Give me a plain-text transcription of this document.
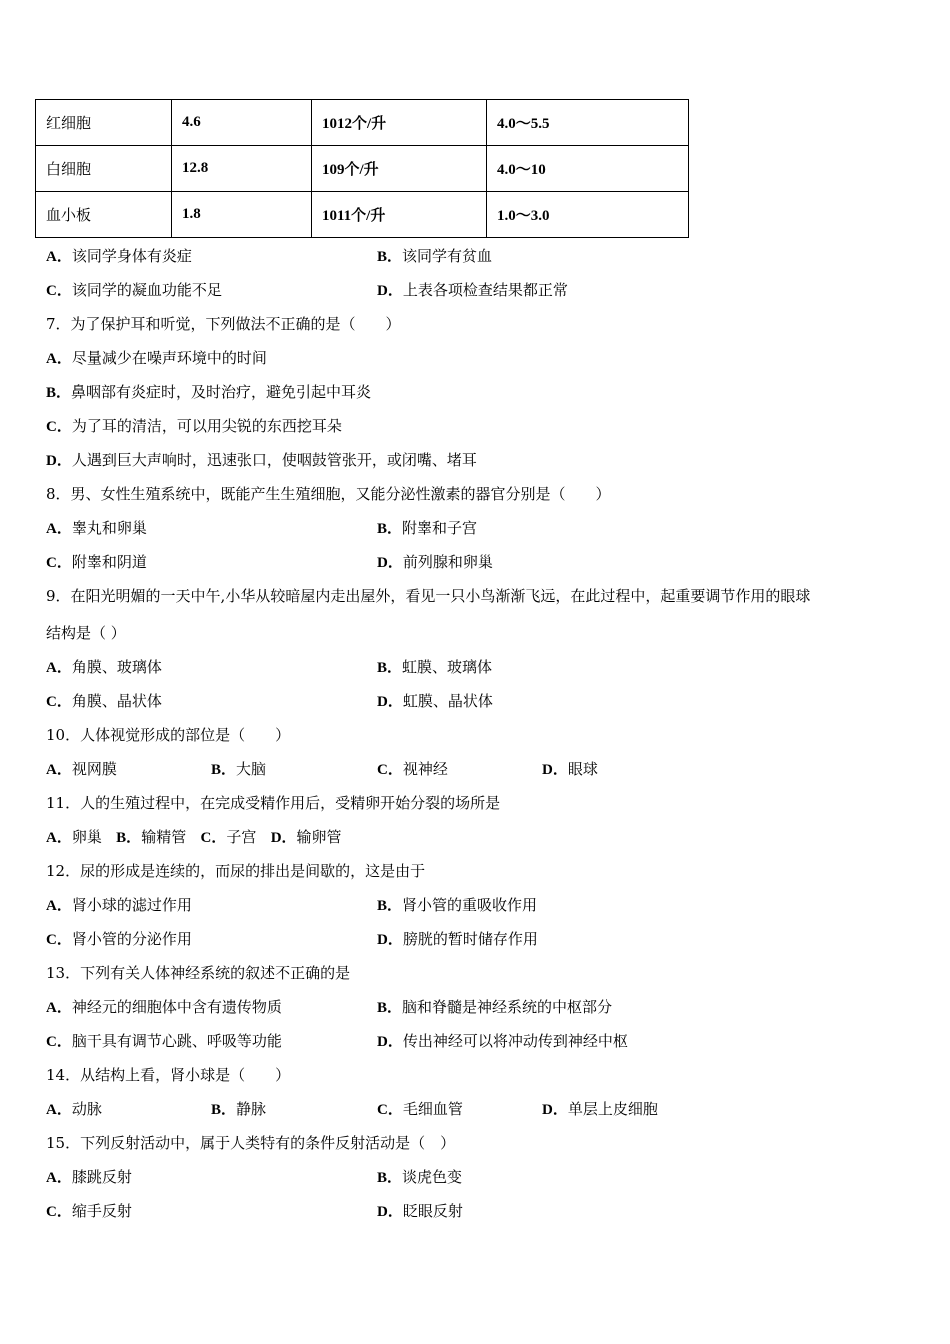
红细胞	4.6	1012个/升	4.0～5.5
白细胞	12.8	109个/升	4.0～10
血小板	1.8	1011个/升	1.0～3.0
A．该同学身体有炎症	B．该同学有贫血
C．该同学的凝血功能不足	D．上表各项检查结果都正常
7．为了保护耳和听觉，下列做法不正确的是（　　）
A．尽量减少在噪声环境中的时间
B．鼻咽部有炎症时，及时治疗，避免引起中耳炎
C．为了耳的清洁，可以用尖锐的东西挖耳朵
D．人遇到巨大声响时，迅速张口，使咽鼓管张开，或闭嘴、堵耳
8．男、女性生殖系统中，既能产生生殖细胞，又能分泌性激素的器官分别是（　　）
A．睾丸和卵巢	B．附睾和子宫
C．附睾和阴道	D．前列腺和卵巢
9．在阳光明媚的一天中午,小华从较暗屋内走出屋外，看见一只小鸟渐渐飞远，在此过程中，起重要调节作用的眼球
结构是（ ）
A．角膜、玻璃体	B．虹膜、玻璃体
C．角膜、晶状体	D．虹膜、晶状体
10．人体视觉形成的部位是（　　）
A．视网膜	B．大脑	C．视神经	D．眼球
11．人的生殖过程中，在完成受精作用后，受精卵开始分裂的场所是
A．卵巢 B．输精管 C．子宫 D．输卵管
12．尿的形成是连续的，而尿的排出是间歇的，这是由于
A．肾小球的滤过作用	B．肾小管的重吸收作用
C．肾小管的分泌作用	D．膀胱的暂时储存作用
13．下列有关人体神经系统的叙述不正确的是
A．神经元的细胞体中含有遗传物质	B．脑和脊髓是神经系统的中枢部分
C．脑干具有调节心跳、呼吸等功能	D．传出神经可以将冲动传到神经中枢
14．从结构上看，肾小球是（　　）
A．动脉	B．静脉	C．毛细血管	D．单层上皮细胞
15．下列反射活动中，属于人类特有的条件反射活动是（　）
A．膝跳反射	B．谈虎色变
C．缩手反射	D．眨眼反射
